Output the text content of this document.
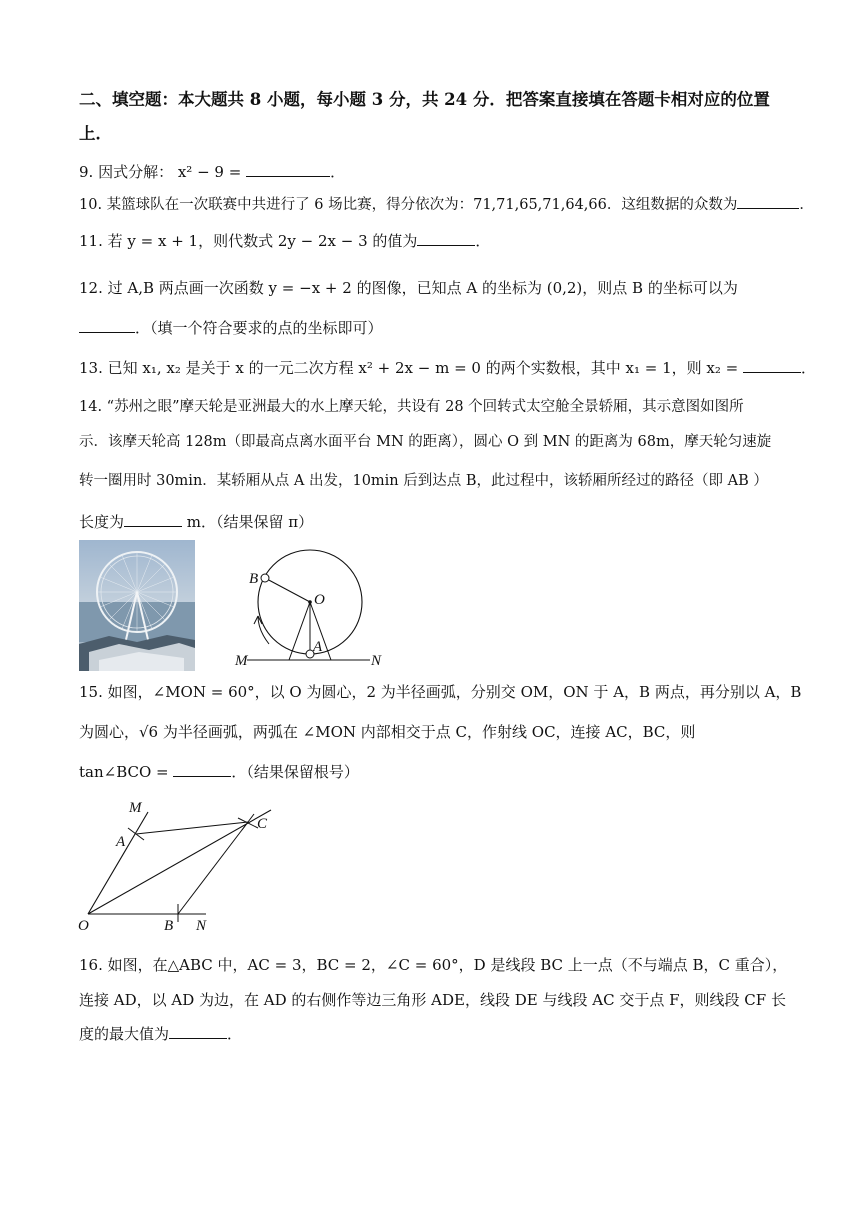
二、填空题：本大题共 8 小题，每小题 3 分，共 24 分．把答案直接填在答题卡相对应的位置
上．
9. 因式分解： x² − 9 =	．
10. 某篮球队在一次联赛中共进行了 6 场比赛，得分依次为：71,71,65,71,64,66．这组数据的众数为	．
11. 若 y = x + 1，则代数式 2y − 2x − 3 的值为	．
12. 过 A,B 两点画一次函数 y = −x + 2 的图像，已知点 A 的坐标为 (0,2)，则点 B 的坐标可以为
．（填一个符合要求的点的坐标即可）
13. 已知 x₁, x₂ 是关于 x 的一元二次方程 x² + 2x − m = 0 的两个实数根，其中 x₁ = 1，则 x₂ =	．
14. “苏州之眼”摩天轮是亚洲最大的水上摩天轮，共设有 28 个回转式太空舱全景轿厢，其示意图如图所
示．该摩天轮高 128m（即最高点离水面平台 MN 的距离），圆心 O 到 MN 的距离为 68m，摩天轮匀速旋
转一圈用时 30min．某轿厢从点 A 出发，10min 后到达点 B，此过程中，该轿厢所经过的路径（即 AB ）
长度为	m．（结果保留 π）
B
O
A
M	N
15. 如图，∠MON = 60°，以 O 为圆心，2 为半径画弧，分别交 OM，ON 于 A，B 两点，再分别以 A，B
为圆心，√6 为半径画弧，两弧在 ∠MON 内部相交于点 C，作射线 OC，连接 AC，BC，则
tan∠BCO =	．（结果保留根号）
M
A
C
O	B N
16. 如图，在△ABC 中，AC = 3，BC = 2，∠C = 60°，D 是线段 BC 上一点（不与端点 B，C 重合），
连接 AD，以 AD 为边，在 AD 的右侧作等边三角形 ADE，线段 DE 与线段 AC 交于点 F，则线段 CF 长
度的最大值为	．
